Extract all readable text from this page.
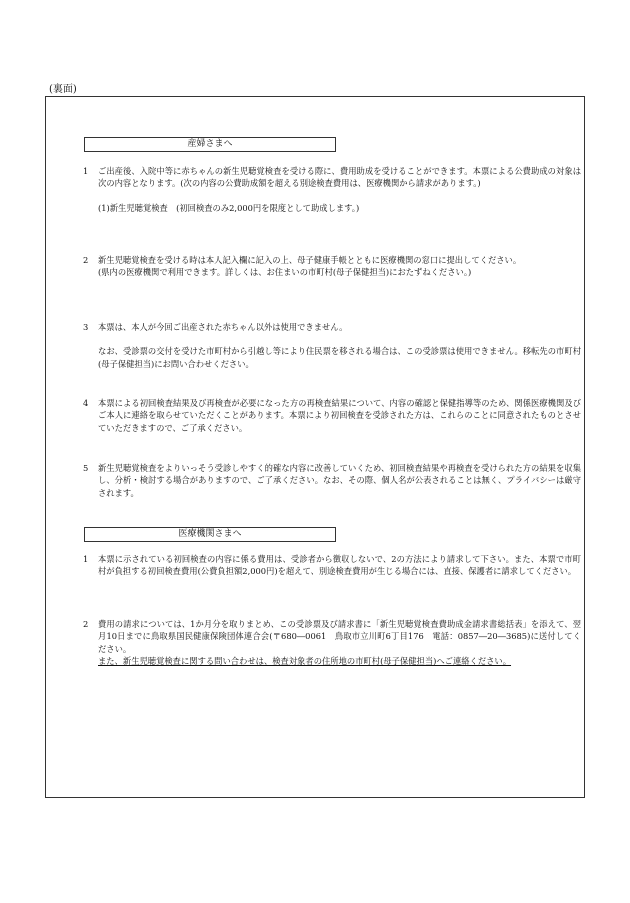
(裏面)
産婦さまへ
1	ご出産後、入院中等に赤ちゃんの新生児聴覚検査を受ける際に、費用助成を受けることができます。本票による公費助成の対象は次の内容となります。(次の内容の公費助成額を超える別途検査費用は、医療機関から請求があります。)

(1)新生児聴覚検査　(初回検査のみ2,000円を限度として助成します。)

2	新生児聴覚検査を受ける時は本人記入欄に記入の上、母子健康手帳とともに医療機関の窓口に提出してください。

(県内の医療機関で利用できます。詳しくは、お住まいの市町村(母子保健担当)におたずねください。)

3	本票は、本人が今回ご出産された赤ちゃん以外は使用できません。

なお、受診票の交付を受けた市町村から引越し等により住民票を移される場合は、この受診票は使用できません。移転先の市町村(母子保健担当)にお問い合わせください。

4	本票による初回検査結果及び再検査が必要になった方の再検査結果について、内容の確認と保健指導等のため、関係医療機関及びご本人に連絡を取らせていただくことがあります。本票により初回検査を受診された方は、これらのことに同意されたものとさせていただきますので、ご了承ください。

5	新生児聴覚検査をよりいっそう受診しやすく的確な内容に改善していくため、初回検査結果や再検査を受けられた方の結果を収集し、分析・検討する場合がありますので、ご了承ください。なお、その際、個人名が公表されることは無く、プライバシーは厳守されます。

医療機関さまへ
1	本票に示されている初回検査の内容に係る費用は、受診者から徴収しないで、2の方法により請求して下さい。また、本票で市町村が負担する初回検査費用(公費負担額2,000円)を超えて、別途検査費用が生じる場合には、直接、保護者に請求してください。

2	費用の請求については、1か月分を取りまとめ、この受診票及び請求書に「新生児聴覚検査費助成金請求書総括表」を添えて、翌月10日までに鳥取県国民健康保険団体連合会(〒680―0061　鳥取市立川町6丁目176　電話：0857―20―3685)に送付してください。

また、新生児聴覚検査に関する問い合わせは、検査対象者の住所地の市町村(母子保健担当)へご連絡ください。
